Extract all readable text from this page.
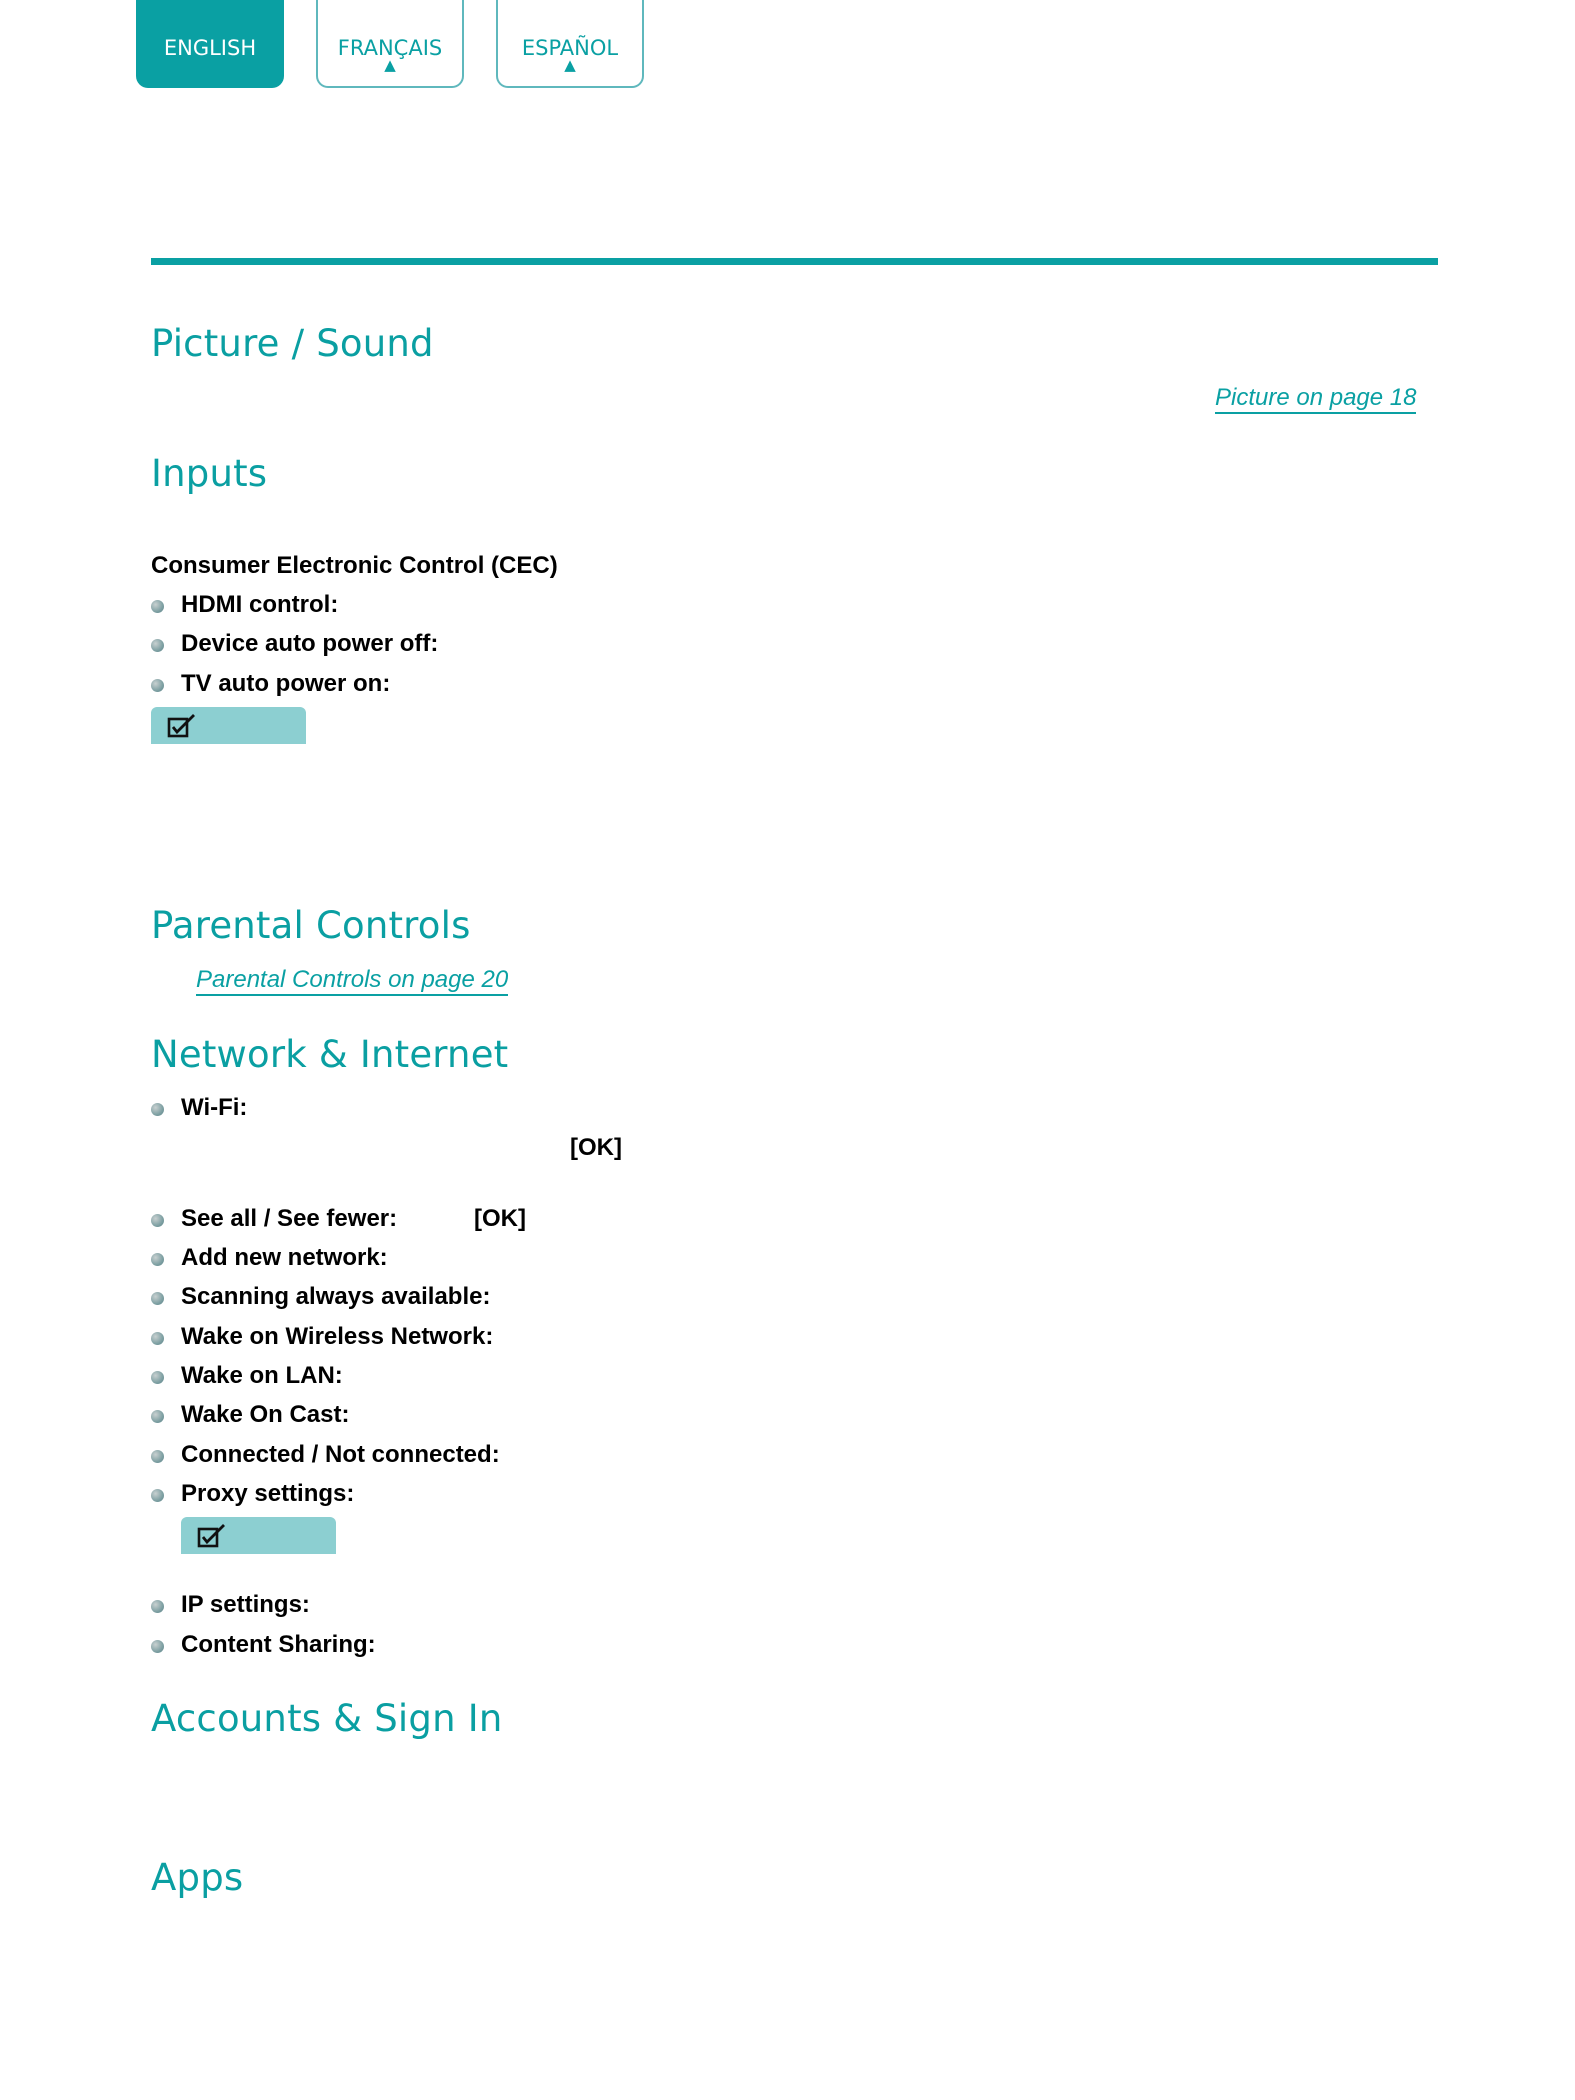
ENGLISH	FRANÇAIS
▲
ESPAÑOL
▲
Picture / Sound
Picture on page 18
Inputs
Consumer Electronic Control (CEC)
HDMI control:
Device auto power off:
TV auto power on:
Parental Controls
Parental Controls on page 20
Network & Internet
Wi-Fi:
[OK]
See all / See fewer:	[OK]
Add new network:
Scanning always available:
Wake on Wireless Network:
Wake on LAN:
Wake On Cast:
Connected / Not connected:
Proxy settings:
IP settings:
Content Sharing:
Accounts & Sign In
Apps
